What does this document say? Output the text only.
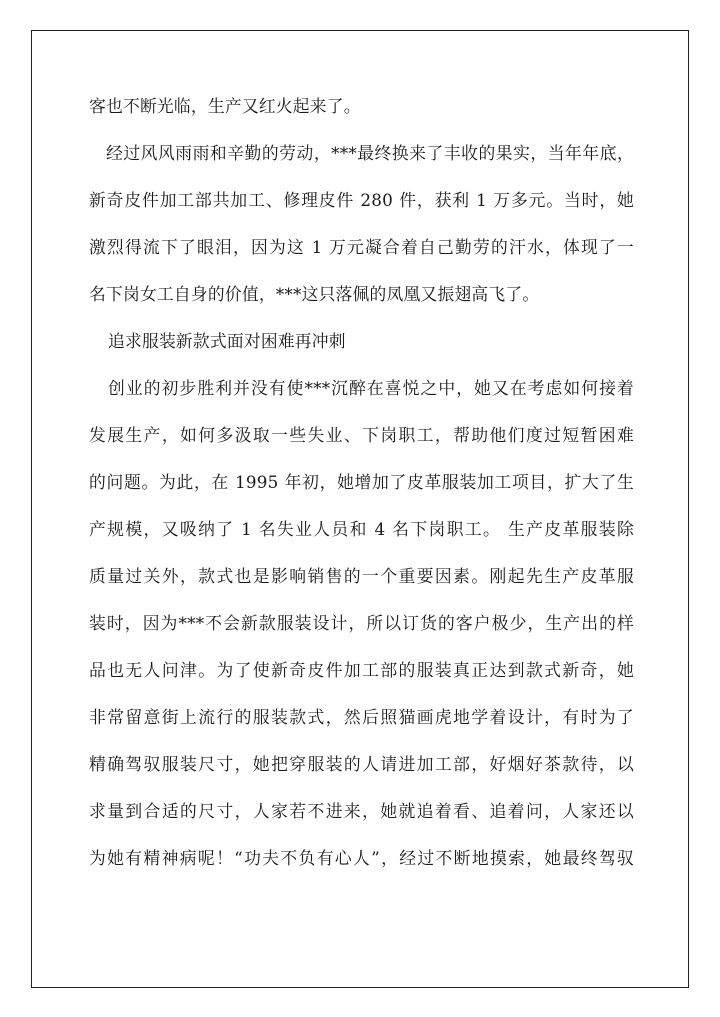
客也不断光临，生产又红火起来了。
经过风风雨雨和辛勤的劳动，***最终换来了丰收的果实，当年年底，
新奇皮件加工部共加工、修理皮件 280 件，获利 1 万多元。当时，她
激烈得流下了眼泪，因为这 1 万元凝合着自己勤劳的汗水，体现了一
名下岗女工自身的价值，***这只落佩的凤凰又振翅高飞了。
追求服装新款式面对困难再冲刺
创业的初步胜利并没有使***沉醉在喜悦之中，她又在考虑如何接着
发展生产，如何多汲取一些失业、下岗职工，帮助他们度过短暂困难
的问题。为此，在 1995 年初，她增加了皮革服装加工项目，扩大了生
产规模，又吸纳了 1 名失业人员和 4 名下岗职工。 生产皮革服装除
质量过关外，款式也是影响销售的一个重要因素。刚起先生产皮革服
装时，因为***不会新款服装设计，所以订货的客户极少，生产出的样
品也无人问津。为了使新奇皮件加工部的服装真正达到款式新奇，她
非常留意街上流行的服装款式，然后照猫画虎地学着设计，有时为了
精确驾驭服装尺寸，她把穿服装的人请进加工部，好烟好茶款待，以
求量到合适的尺寸，人家若不进来，她就追着看、追着问，人家还以
为她有精神病呢！“功夫不负有心人”，经过不断地摸索，她最终驾驭
